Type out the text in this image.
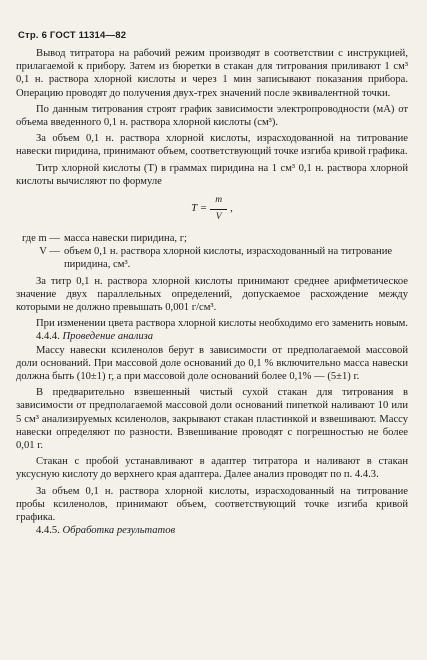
Стр. 6 ГОСТ 11314—82

Вывод титратора на рабочий режим производят в соответствии с инструкцией, прилагаемой к прибору. Затем из бюретки в стакан для титрования приливают 1 см³ 0,1 н. раствора хлорной кислоты и через 1 мин записывают показания прибора. Операцию проводят до получения двух-трех значений после эквивалентной точки.

По данным титрования строят график зависимости электропроводности (мА) от объема введенного 0,1 н. раствора хлорной кислоты (см³).

За объем 0,1 н. раствора хлорной кислоты, израсходованной на титрование навески пиридина, принимают объем, соответствующий точке изгиба кривой графика.

Титр хлорной кислоты (T) в граммах пиридина на 1 см³ 0,1 н. раствора хлорной кислоты вычисляют по формуле

$T = \frac{m}{V}$ ,
где m — масса навески пиридина, г;
V — объем 0,1 н. раствора хлорной кислоты, израсходованный на титрование пиридина, см³.

За титр 0,1 н. раствора хлорной кислоты принимают среднее арифметическое значение двух параллельных определений, допускаемое расхождение между которыми не должно превышать 0,001 г/см³.

При изменении цвета раствора хлорной кислоты необходимо его заменить новым.

4.4.4. Проведение анализа

Массу навески ксиленолов берут в зависимости от предполагаемой массовой доли оснований. При массовой доле оснований до 0,1 % включительно масса навески должна быть (10±1) г, а при массовой доле оснований более 0,1% — (5±1) г.

В предварительно взвешенный чистый сухой стакан для титрования в зависимости от предполагаемой массовой доли оснований пипеткой наливают 10 или 5 см³ анализируемых ксиленолов, закрывают стакан пластинкой и взвешивают. Массу навески определяют по разности. Взвешивание проводят с погрешностью не более 0,01 г.

Стакан с пробой устанавливают в адаптер титратора и наливают в стакан уксусную кислоту до верхнего края адаптера. Далее анализ проводят по п. 4.4.3.

За объем 0,1 н. раствора хлорной кислоты, израсходованный на титрование пробы ксиленолов, принимают объем, соответствующий точке изгиба кривой графика.

4.4.5. Обработка результатов
